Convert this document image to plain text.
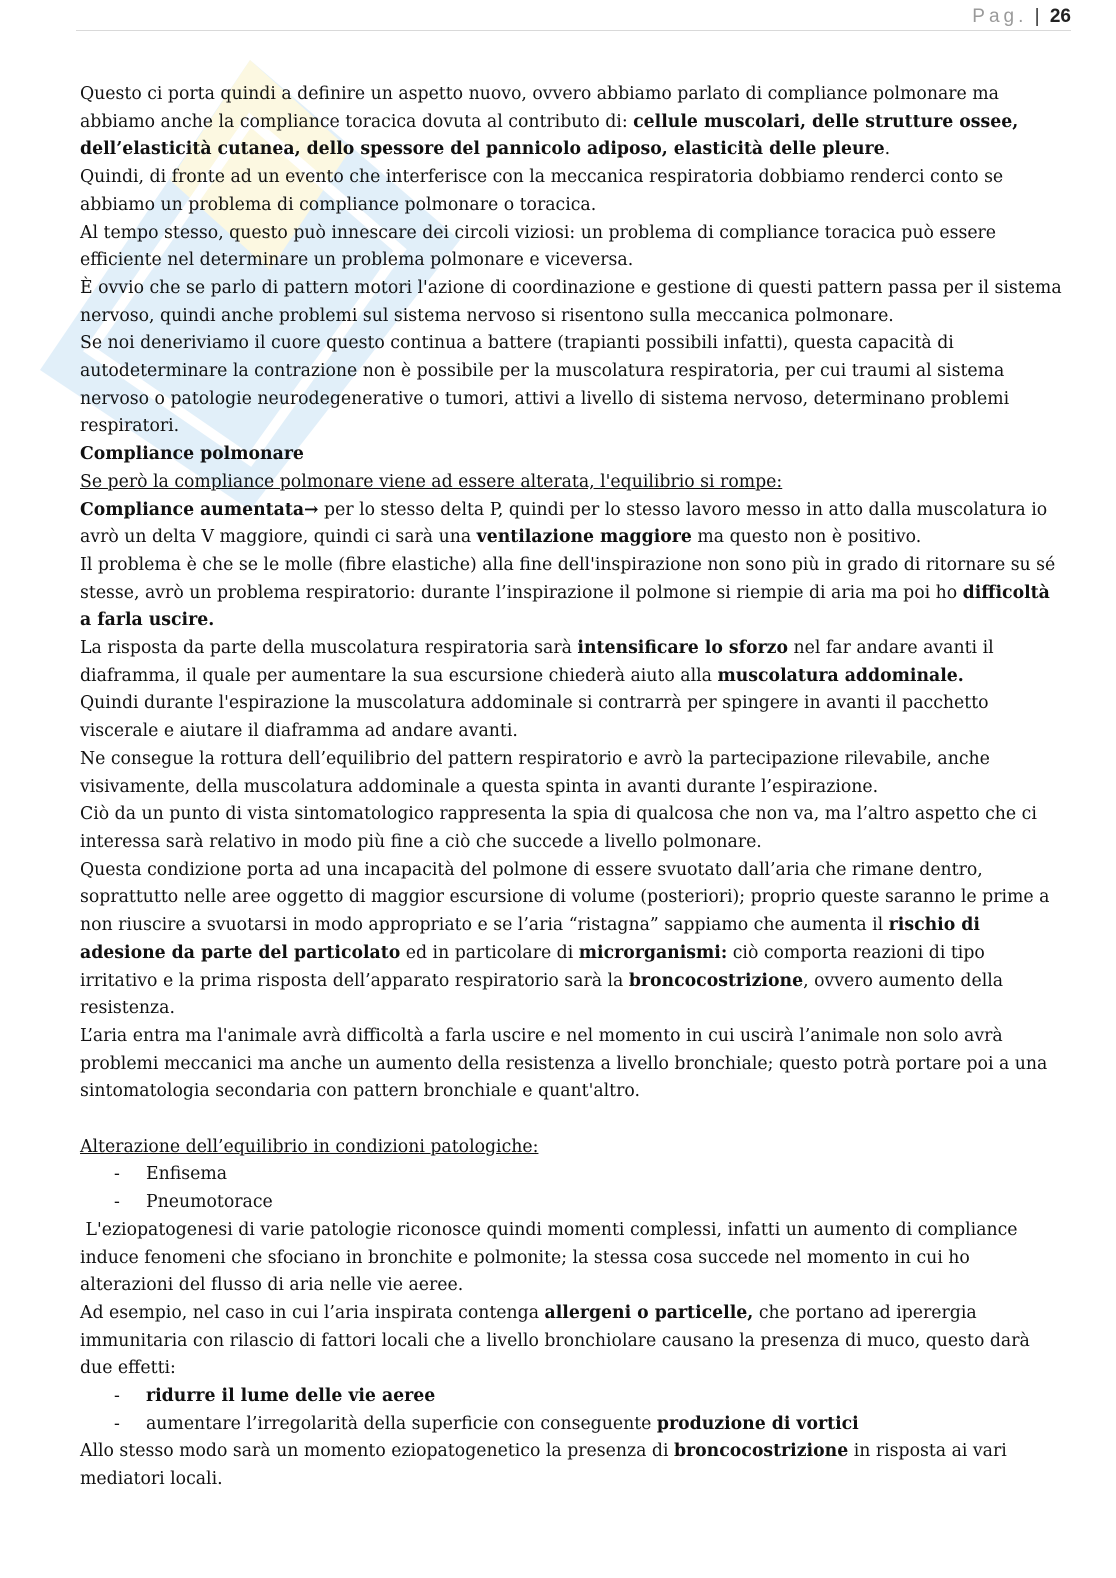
Pag. | 26

Questo ci porta quindi a definire un aspetto nuovo, ovvero abbiamo parlato di compliance polmonare ma abbiamo anche la compliance toracica dovuta al contributo di: cellule muscolari, delle strutture ossee, dell’elasticità cutanea, dello spessore del pannicolo adiposo, elasticità delle pleure.

Quindi, di fronte ad un evento che interferisce con la meccanica respiratoria dobbiamo renderci conto se abbiamo un problema di compliance polmonare o toracica.

Al tempo stesso, questo può innescare dei circoli viziosi: un problema di compliance toracica può essere efficiente nel determinare un problema polmonare e viceversa.

È ovvio che se parlo di pattern motori l'azione di coordinazione e gestione di questi pattern passa per il sistema nervoso, quindi anche problemi sul sistema nervoso si risentono sulla meccanica polmonare.

Se noi deneriviamo il cuore questo continua a battere (trapianti possibili infatti), questa capacità di autodeterminare la contrazione non è possibile per la muscolatura respiratoria, per cui traumi al sistema nervoso o patologie neurodegenerative o tumori, attivi a livello di sistema nervoso, determinano problemi respiratori.

Compliance polmonare

Se però la compliance polmonare viene ad essere alterata, l'equilibrio si rompe:

Compliance aumentata→ per lo stesso delta P, quindi per lo stesso lavoro messo in atto dalla muscolatura io avrò un delta V maggiore, quindi ci sarà una ventilazione maggiore ma questo non è positivo.

Il problema è che se le molle (fibre elastiche) alla fine dell'inspirazione non sono più in grado di ritornare su sé stesse, avrò un problema respiratorio: durante l’inspirazione il polmone si riempie di aria ma poi ho difficoltà a farla uscire.

La risposta da parte della muscolatura respiratoria sarà intensificare lo sforzo nel far andare avanti il diaframma, il quale per aumentare la sua escursione chiederà aiuto alla muscolatura addominale.

Quindi durante l'espirazione la muscolatura addominale si contrarrà per spingere in avanti il pacchetto viscerale e aiutare il diaframma ad andare avanti.

Ne consegue la rottura dell’equilibrio del pattern respiratorio e avrò la partecipazione rilevabile, anche visivamente, della muscolatura addominale a questa spinta in avanti durante l’espirazione.

Ciò da un punto di vista sintomatologico rappresenta la spia di qualcosa che non va, ma l’altro aspetto che ci interessa sarà relativo in modo più fine a ciò che succede a livello polmonare.

Questa condizione porta ad una incapacità del polmone di essere svuotato dall’aria che rimane dentro, soprattutto nelle aree oggetto di maggior escursione di volume (posteriori); proprio queste saranno le prime a non riuscire a svuotarsi in modo appropriato e se l’aria “ristagna” sappiamo che aumenta il rischio di adesione da parte del particolato ed in particolare di microrganismi: ciò comporta reazioni di tipo irritativo e la prima risposta dell’apparato respiratorio sarà la broncocostrizione, ovvero aumento della resistenza.

L’aria entra ma l'animale avrà difficoltà a farla uscire e nel momento in cui uscirà l’animale non solo avrà problemi meccanici ma anche un aumento della resistenza a livello bronchiale; questo potrà portare poi a una sintomatologia secondaria con pattern bronchiale e quant'altro.

Alterazione dell’equilibrio in condizioni patologiche:

- Enfisema
- Pneumotorace

L'eziopatogenesi di varie patologie riconosce quindi momenti complessi, infatti un aumento di compliance induce fenomeni che sfociano in bronchite e polmonite; la stessa cosa succede nel momento in cui ho alterazioni del flusso di aria nelle vie aeree.

Ad esempio, nel caso in cui l’aria inspirata contenga allergeni o particelle, che portano ad iperergia immunitaria con rilascio di fattori locali che a livello bronchiolare causano la presenza di muco, questo darà due effetti:

- ridurre il lume delle vie aeree
- aumentare l’irregolarità della superficie con conseguente produzione di vortici

Allo stesso modo sarà un momento eziopatogenetico la presenza di broncocostrizione in risposta ai vari mediatori locali.
